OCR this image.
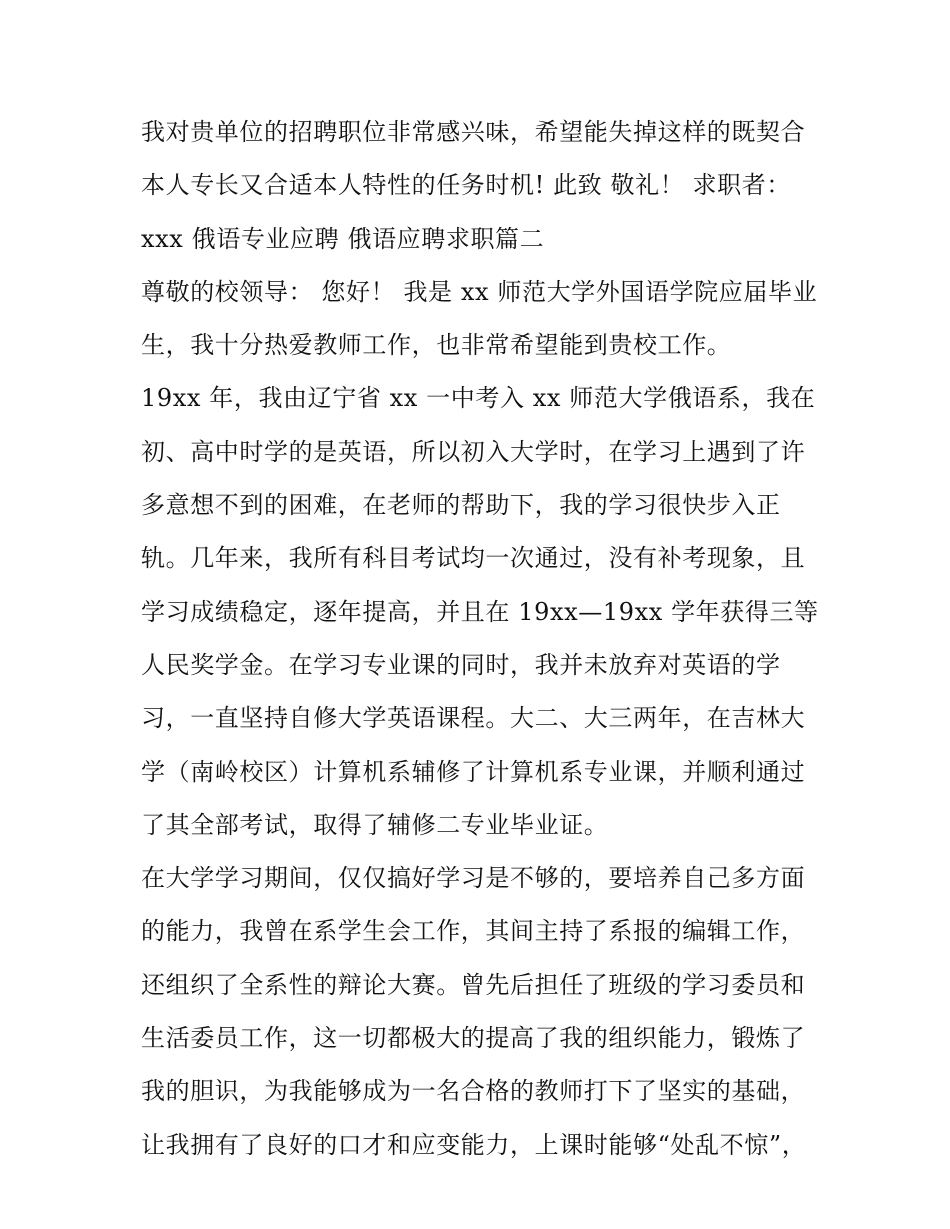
我对贵单位的招聘职位非常感兴味，希望能失掉这样的既契合
本人专长又合适本人特性的任务时机! 此致 敬礼！ 求职者：
xxx 俄语专业应聘 俄语应聘求职篇二
尊敬的校领导： 您好！ 我是 xx 师范大学外国语学院应届毕业
生，我十分热爱教师工作，也非常希望能到贵校工作。
19xx 年，我由辽宁省 xx 一中考入 xx 师范大学俄语系，我在
初、高中时学的是英语，所以初入大学时，在学习上遇到了许
多意想不到的困难，在老师的帮助下，我的学习很快步入正
轨。几年来，我所有科目考试均一次通过，没有补考现象，且
学习成绩稳定，逐年提高，并且在 19xx—19xx 学年获得三等
人民奖学金。在学习专业课的同时，我并未放弃对英语的学
习，一直坚持自修大学英语课程。大二、大三两年，在吉林大
学（南岭校区）计算机系辅修了计算机系专业课，并顺利通过
了其全部考试，取得了辅修二专业毕业证。
在大学学习期间，仅仅搞好学习是不够的，要培养自己多方面
的能力，我曾在系学生会工作，其间主持了系报的编辑工作，
还组织了全系性的辩论大赛。曾先后担任了班级的学习委员和
生活委员工作，这一切都极大的提高了我的组织能力，锻炼了
我的胆识，为我能够成为一名合格的教师打下了坚实的基础，
让我拥有了良好的口才和应变能力，上课时能够“处乱不惊”，
